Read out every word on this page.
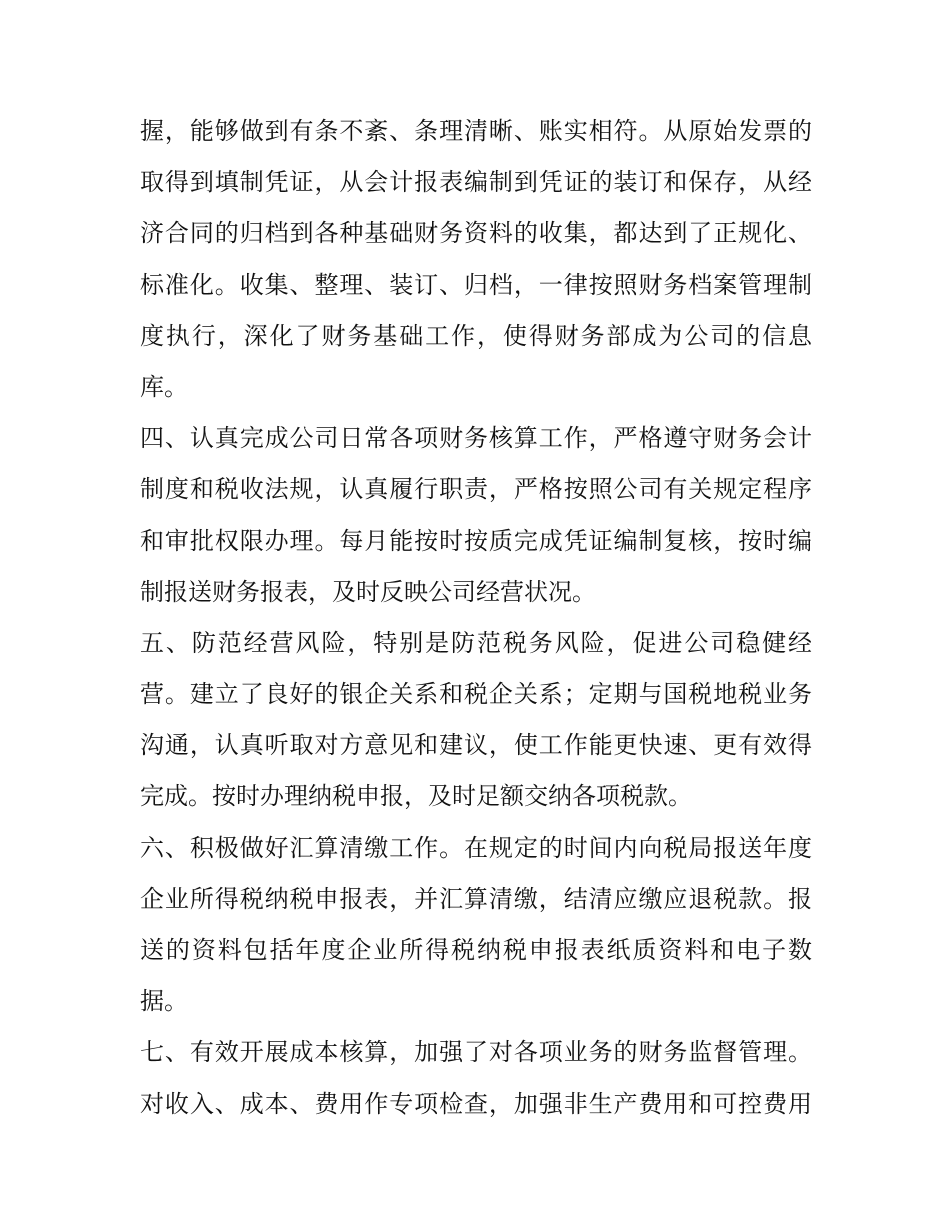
握，能够做到有条不紊、条理清晰、账实相符。从原始发票的
取得到填制凭证，从会计报表编制到凭证的装订和保存，从经
济合同的归档到各种基础财务资料的收集，都达到了正规化、
标准化。收集、整理、装订、归档，一律按照财务档案管理制
度执行，深化了财务基础工作，使得财务部成为公司的信息
库。
四、认真完成公司日常各项财务核算工作，严格遵守财务会计
制度和税收法规，认真履行职责，严格按照公司有关规定程序
和审批权限办理。每月能按时按质完成凭证编制复核，按时编
制报送财务报表，及时反映公司经营状况。
五、防范经营风险，特别是防范税务风险，促进公司稳健经
营。建立了良好的银企关系和税企关系；定期与国税地税业务
沟通，认真听取对方意见和建议，使工作能更快速、更有效得
完成。按时办理纳税申报，及时足额交纳各项税款。
六、积极做好汇算清缴工作。在规定的时间内向税局报送年度
企业所得税纳税申报表，并汇算清缴，结清应缴应退税款。报
送的资料包括年度企业所得税纳税申报表纸质资料和电子数
据。
七、有效开展成本核算，加强了对各项业务的财务监督管理。
对收入、成本、费用作专项检查，加强非生产费用和可控费用
